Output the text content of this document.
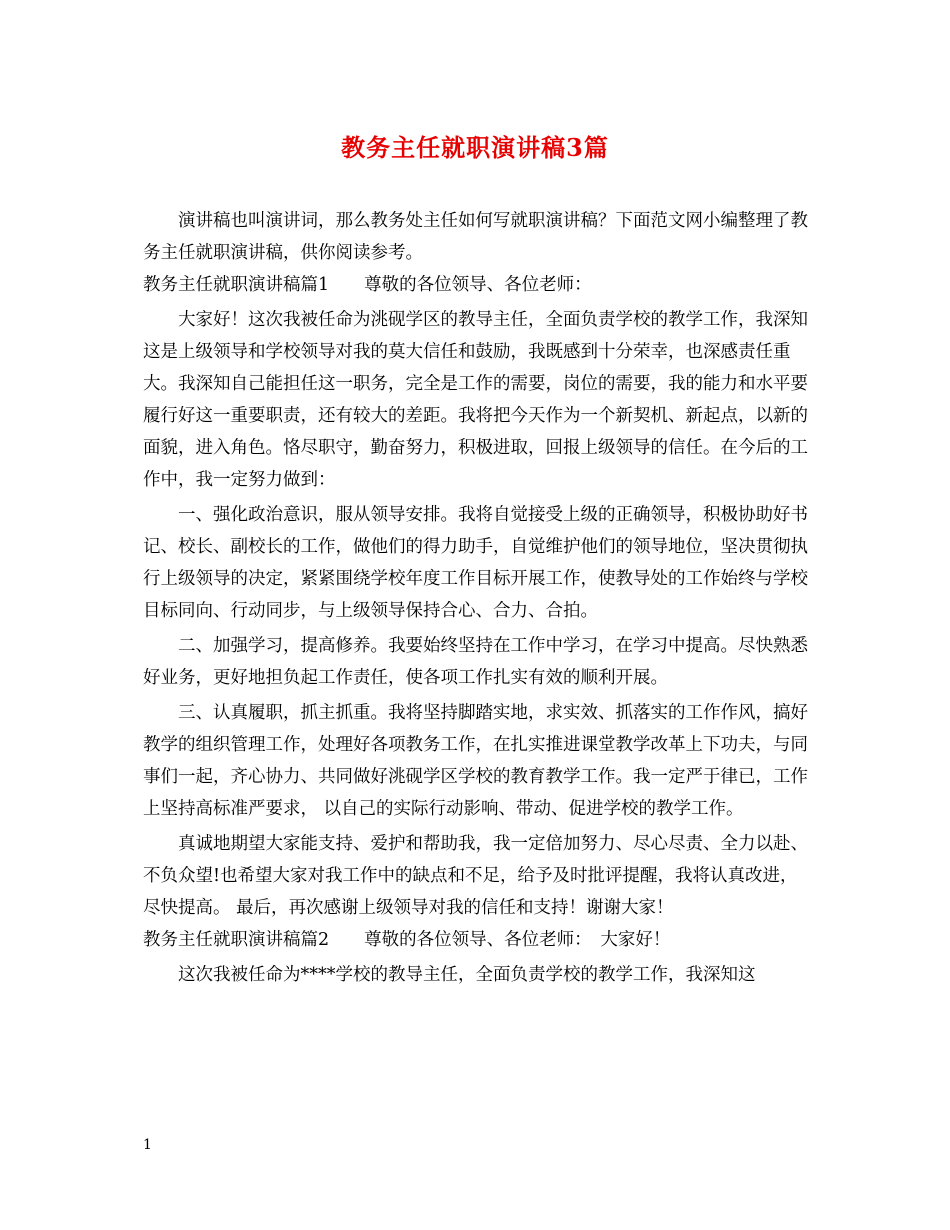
教务主任就职演讲稿3篇

演讲稿也叫演讲词，那么教务处主任如何写就职演讲稿？下面范文网小编整理了教务主任就职演讲稿，供你阅读参考。

教务主任就职演讲稿篇1　　尊敬的各位领导、各位老师：

大家好！这次我被任命为洮砚学区的教导主任，全面负责学校的教学工作，我深知这是上级领导和学校领导对我的莫大信任和鼓励，我既感到十分荣幸，也深感责任重大。我深知自己能担任这一职务，完全是工作的需要，岗位的需要，我的能力和水平要履行好这一重要职责，还有较大的差距。我将把今天作为一个新契机、新起点，以新的面貌，进入角色。恪尽职守，勤奋努力，积极进取，回报上级领导的信任。在今后的工作中，我一定努力做到：

一、强化政治意识，服从领导安排。我将自觉接受上级的正确领导，积极协助好书记、校长、副校长的工作，做他们的得力助手，自觉维护他们的领导地位，坚决贯彻执行上级领导的决定，紧紧围绕学校年度工作目标开展工作，使教导处的工作始终与学校目标同向、行动同步，与上级领导保持合心、合力、合拍。

二、加强学习，提高修养。我要始终坚持在工作中学习，在学习中提高。尽快熟悉好业务，更好地担负起工作责任，使各项工作扎实有效的顺利开展。

三、认真履职，抓主抓重。我将坚持脚踏实地，求实效、抓落实的工作作风，搞好教学的组织管理工作，处理好各项教务工作，在扎实推进课堂教学改革上下功夫，与同事们一起，齐心协力、共同做好洮砚学区学校的教育教学工作。我一定严于律已，工作上坚持高标准严要求， 以自己的实际行动影响、带动、促进学校的教学工作。

真诚地期望大家能支持、爱护和帮助我，我一定倍加努力、尽心尽责、全力以赴、不负众望!也希望大家对我工作中的缺点和不足，给予及时批评提醒，我将认真改进，尽快提高。 最后，再次感谢上级领导对我的信任和支持！谢谢大家！

教务主任就职演讲稿篇2　　尊敬的各位领导、各位老师：　大家好！

这次我被任命为****学校的教导主任，全面负责学校的教学工作，我深知这

1
